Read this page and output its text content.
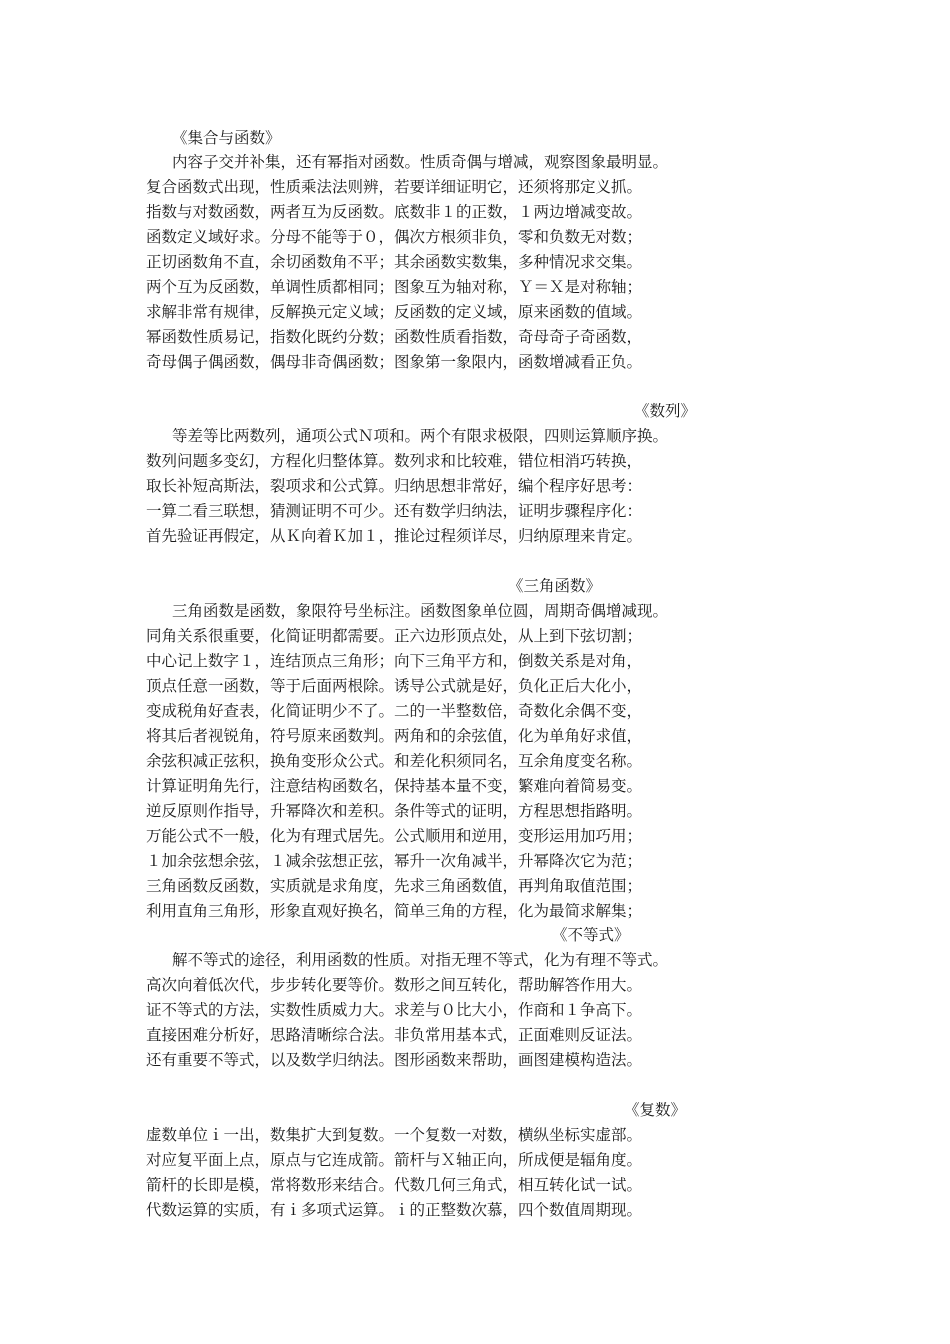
《集合与函数》
内容子交并补集，还有幂指对函数。性质奇偶与增减，观察图象最明显。
复合函数式出现，性质乘法法则辨，若要详细证明它，还须将那定义抓。
指数与对数函数，两者互为反函数。底数非１的正数，１两边增减变故。
函数定义域好求。分母不能等于０，偶次方根须非负，零和负数无对数；
正切函数角不直，余切函数角不平；其余函数实数集，多种情况求交集。
两个互为反函数，单调性质都相同；图象互为轴对称，Ｙ＝Ｘ是对称轴；
求解非常有规律，反解换元定义域；反函数的定义域，原来函数的值域。
幂函数性质易记，指数化既约分数；函数性质看指数，奇母奇子奇函数，
奇母偶子偶函数，偶母非奇偶函数；图象第一象限内，函数增减看正负。
《数列》
等差等比两数列，通项公式Ｎ项和。两个有限求极限，四则运算顺序换。
数列问题多变幻，方程化归整体算。数列求和比较难，错位相消巧转换，
取长补短高斯法，裂项求和公式算。归纳思想非常好，编个程序好思考：
一算二看三联想，猜测证明不可少。还有数学归纳法，证明步骤程序化：
首先验证再假定，从Ｋ向着Ｋ加１，推论过程须详尽，归纳原理来肯定。
《三角函数》
三角函数是函数，象限符号坐标注。函数图象单位圆，周期奇偶增减现。
同角关系很重要，化简证明都需要。正六边形顶点处，从上到下弦切割；
中心记上数字１，连结顶点三角形；向下三角平方和，倒数关系是对角，
顶点任意一函数，等于后面两根除。诱导公式就是好，负化正后大化小，
变成税角好查表，化简证明少不了。二的一半整数倍，奇数化余偶不变，
将其后者视锐角，符号原来函数判。两角和的余弦值，化为单角好求值，
余弦积减正弦积，换角变形众公式。和差化积须同名，互余角度变名称。
计算证明角先行，注意结构函数名，保持基本量不变，繁难向着简易变。
逆反原则作指导，升幂降次和差积。条件等式的证明，方程思想指路明。
万能公式不一般，化为有理式居先。公式顺用和逆用，变形运用加巧用；
１加余弦想余弦，１减余弦想正弦，幂升一次角减半，升幂降次它为范；
三角函数反函数，实质就是求角度，先求三角函数值，再判角取值范围；
利用直角三角形，形象直观好换名，简单三角的方程，化为最简求解集；
《不等式》
解不等式的途径，利用函数的性质。对指无理不等式，化为有理不等式。
高次向着低次代，步步转化要等价。数形之间互转化，帮助解答作用大。
证不等式的方法，实数性质威力大。求差与０比大小，作商和１争高下。
直接困难分析好，思路清晰综合法。非负常用基本式，正面难则反证法。
还有重要不等式，以及数学归纳法。图形函数来帮助，画图建模构造法。
《复数》
虚数单位ｉ一出，数集扩大到复数。一个复数一对数，横纵坐标实虚部。
对应复平面上点，原点与它连成箭。箭杆与Ｘ轴正向，所成便是辐角度。
箭杆的长即是模，常将数形来结合。代数几何三角式，相互转化试一试。
代数运算的实质，有ｉ多项式运算。ｉ的正整数次慕，四个数值周期现。
